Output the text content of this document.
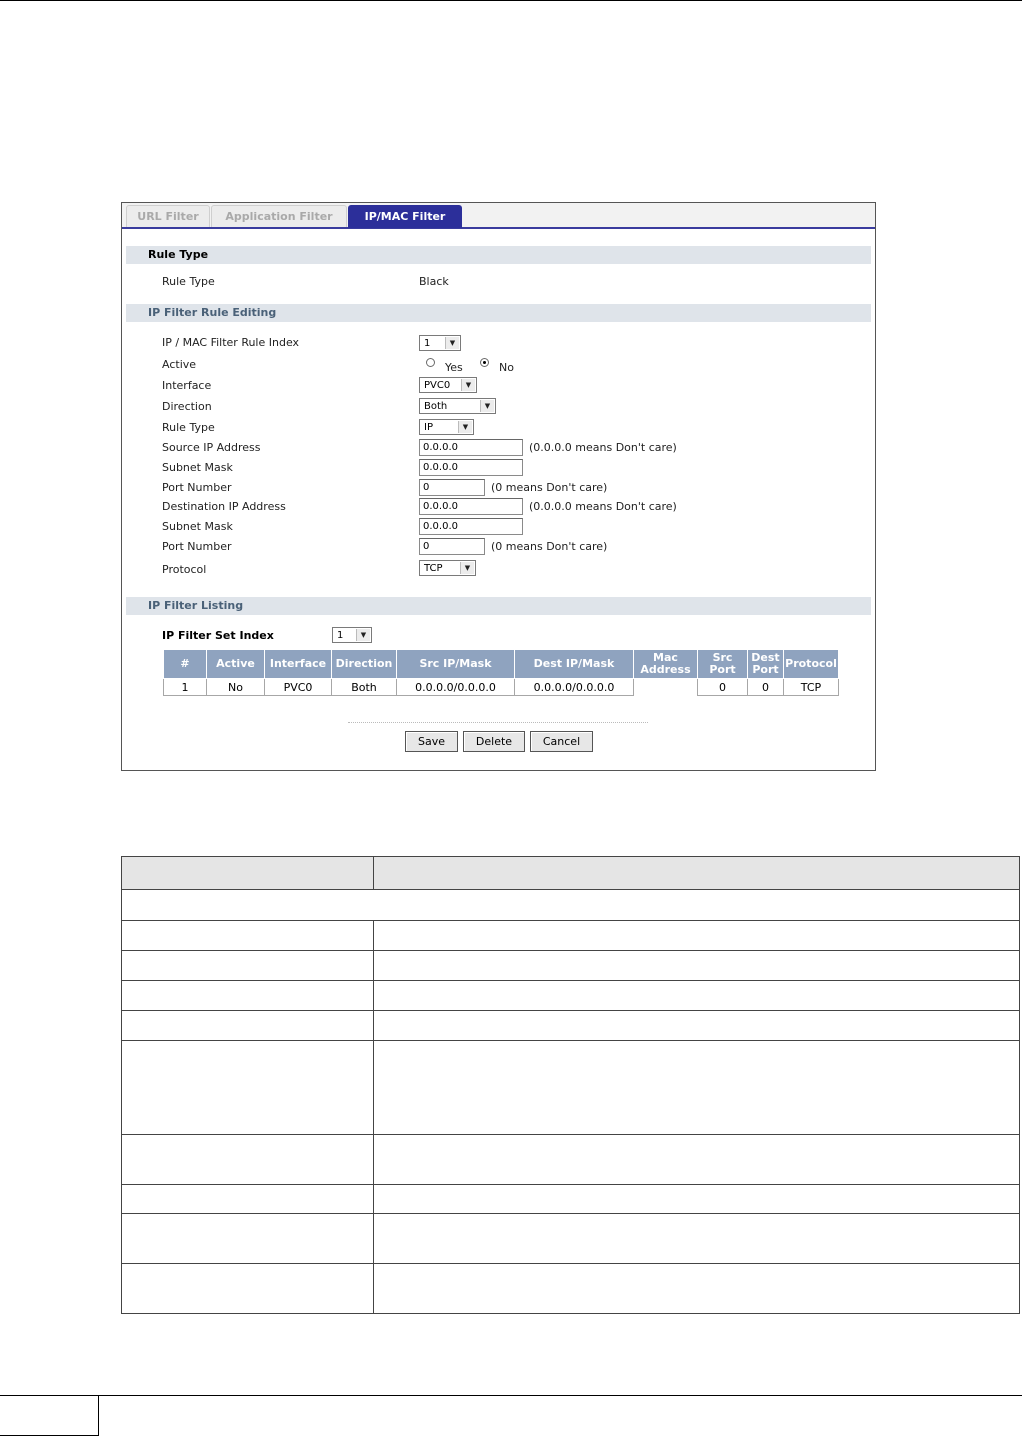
URL Filter	Application Filter	IP/MAC Filter
Rule Type
Rule Type	Black
IP Filter Rule Editing
IP / MAC Filter Rule Index	1	▼
Active	Yes	No
Interface	PVC0	▼
Direction	Both	▼
Rule Type	IP	▼
Source IP Address	0.0.0.0	(0.0.0.0 means Don't care)
Subnet Mask	0.0.0.0
Port Number	0	(0 means Don't care)
Destination IP Address	0.0.0.0	(0.0.0.0 means Don't care)
Subnet Mask	0.0.0.0
Port Number	0	(0 means Don't care)
Protocol	TCP	▼
IP Filter Listing
IP Filter Set Index	1	▼
#	Active	Interface	Direction	Src IP/Mask	Dest IP/Mask	Mac Address	Src Port	Dest Port	Protocol
1	No	PVC0	Both	0.0.0.0/0.0.0.0	0.0.0.0/0.0.0.0		0	0	TCP
Save	Delete	Cancel
